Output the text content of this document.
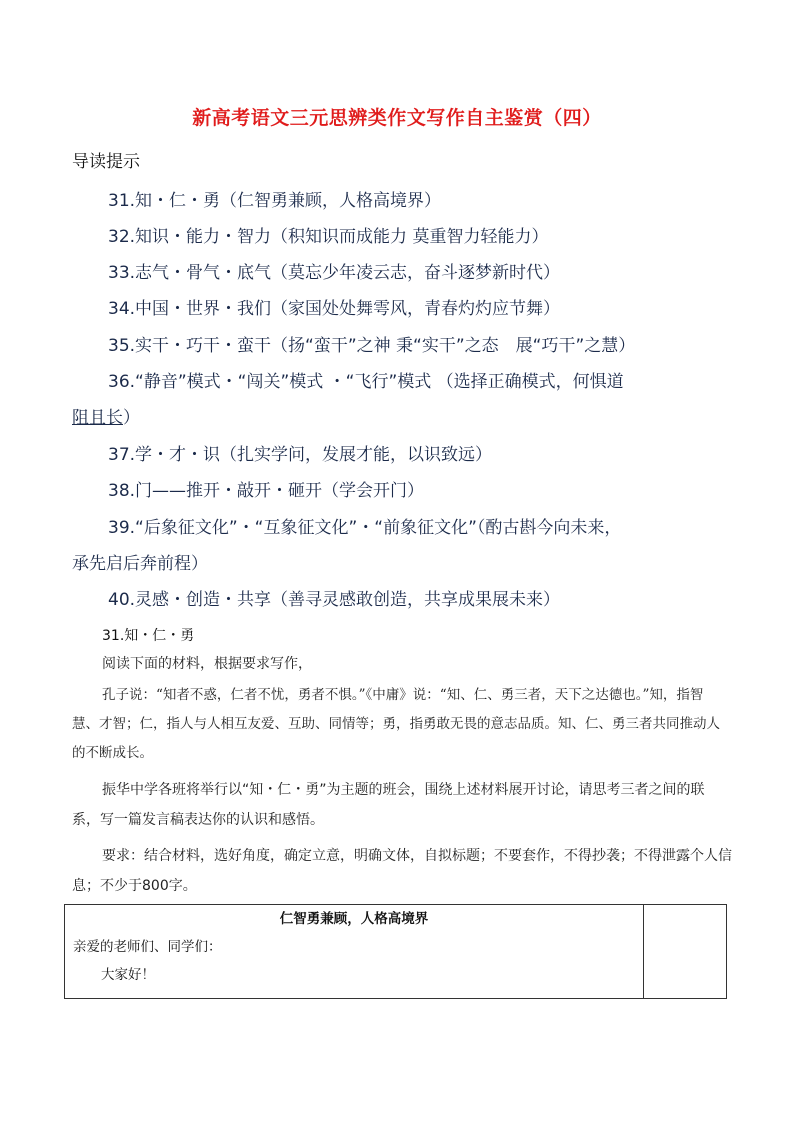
新高考语文三元思辨类作文写作自主鉴赏（四）
导读提示
31.知・仁・勇（仁智勇兼顾，人格高境界）
32.知识・能力・智力（积知识而成能力 莫重智力轻能力）
33.志气・骨气・底气（莫忘少年凌云志，奋斗逐梦新时代）
34.中国・世界・我们（家国处处舞雩风，青春灼灼应节舞）
35.实干・巧干・蛮干（扬“蛮干”之神 秉“实干”之态　展“巧干”之慧）
36.“静音”模式・“闯关”模式 ・“飞行”模式 （选择正确模式，何惧道
阻且长）
37.学・才・识（扎实学问，发展才能，以识致远）
38.门——推开・敲开・砸开（学会开门）
39.“后象征文化”・“互象征文化”・“前象征文化”（酌古斟今向未来，
承先启后奔前程）
40.灵感・创造・共享（善寻灵感敢创造，共享成果展未来）
31.知・仁・勇
阅读下面的材料，根据要求写作，
孔子说：“知者不惑，仁者不忧，勇者不惧。”《中庸》说：“知、仁、勇三者，天下之达德也。”知，指智慧、才智；仁，指人与人相互友爱、互助、同情等；勇，指勇敢无畏的意志品质。知、仁、勇三者共同推动人的不断成长。
振华中学各班将举行以“知・仁・勇”为主题的班会，围绕上述材料展开讨论，请思考三者之间的联系，写一篇发言稿表达你的认识和感悟。
要求：结合材料，选好角度，确定立意，明确文体，自拟标题；不要套作，不得抄袭；不得泄露个人信息；不少于800字。
仁智勇兼顾，人格高境界
亲爱的老师们、同学们：
大家好！
